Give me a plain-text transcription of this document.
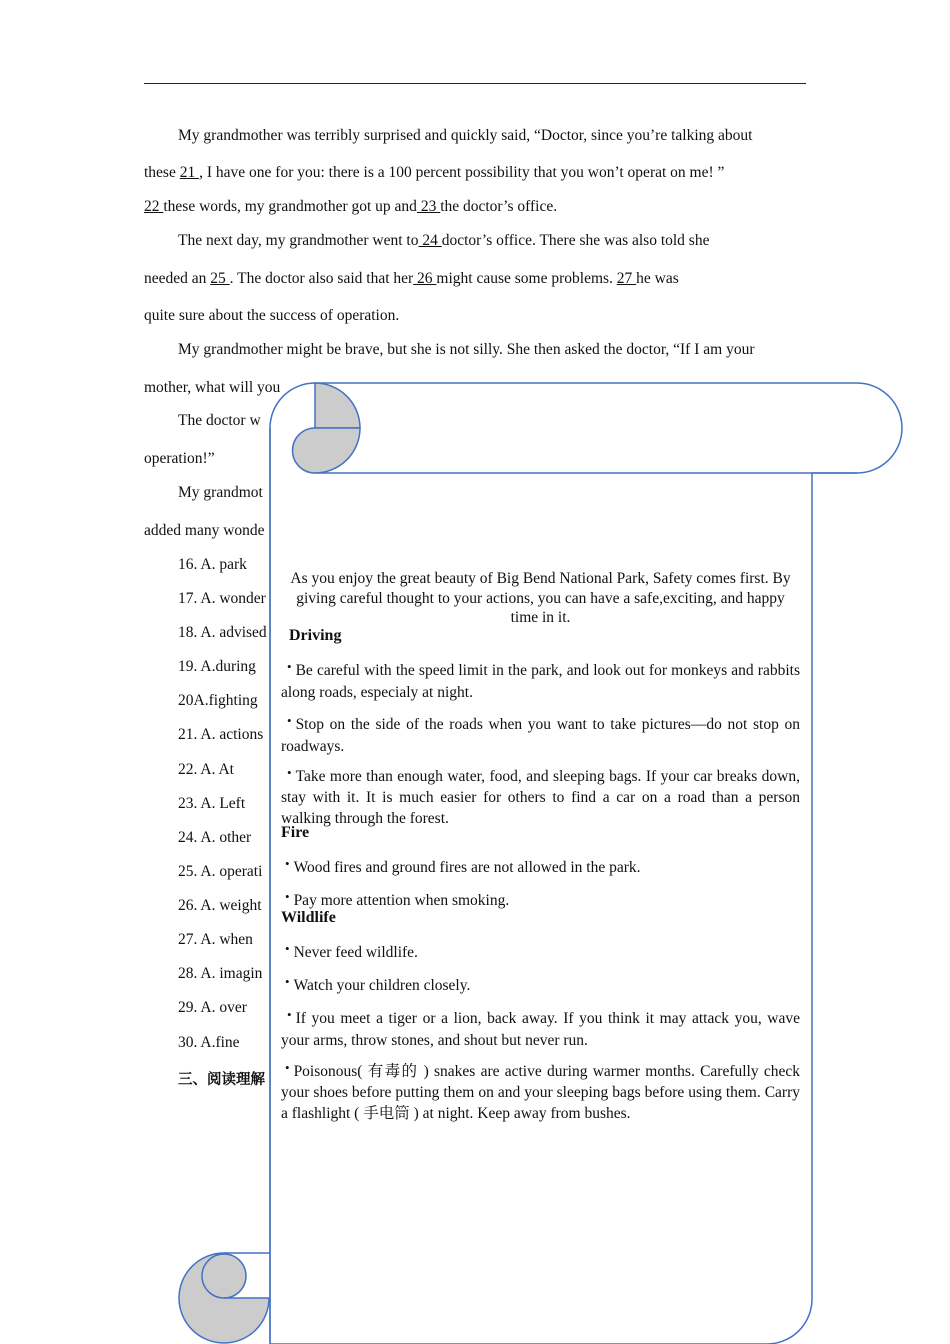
My grandmother was terribly surprised and quickly said, “Doctor, since you’re talking about
these 21 , I have one for you: there is a 100 percent possibility that you won’t operat on me! ”
22 these words, my grandmother got up and 23 the doctor’s office.
The next day, my grandmother went to 24 doctor’s office. There she was also told she
needed an 25 . The doctor also said that her 26 might cause some problems. 27 he was
quite sure about the success of operation.
My grandmother might be brave, but she is not silly. She then asked the doctor, “If I am your
mother, what will you
The doctor w
operation!”
My grandmot
added many wonde
16. A. park
17. A. wonder
18. A. advised
19. A.during
20A.fighting
21. A. actions
22. A. At
23. A. Left
24. A. other
25. A. operati
26. A. weight
27. A. when
28. A. imagin
29. A. over
30. A.fine
三、阅读理解
As you enjoy the great beauty of Big Bend National Park, Safety comes first. By giving careful thought to your actions, you can have a safe,exciting, and happy time in it.
Driving
• Be careful with the speed limit in the park, and look out for monkeys and rabbits along roads, especialy at night.
• Stop on the side of the roads when you want to take pictures—do not stop on roadways.
• Take more than enough water, food, and sleeping bags. If your car breaks down, stay with it. It is much easier for others to find a car on a road than a person walking through the forest.
Fire
• Wood fires and ground fires are not allowed in the park.
• Pay more attention when smoking.
Wildlife
• Never feed wildlife.
• Watch your children closely.
• If you meet a tiger or a lion, back away. If you think it may attack you, wave your arms, throw stones, and shout but never run.
• Poisonous( 有毒的 ) snakes are active during warmer months. Carefully check your shoes before putting them on and your sleeping bags before using them. Carry a flashlight ( 手电筒 ) at night. Keep away from bushes.
